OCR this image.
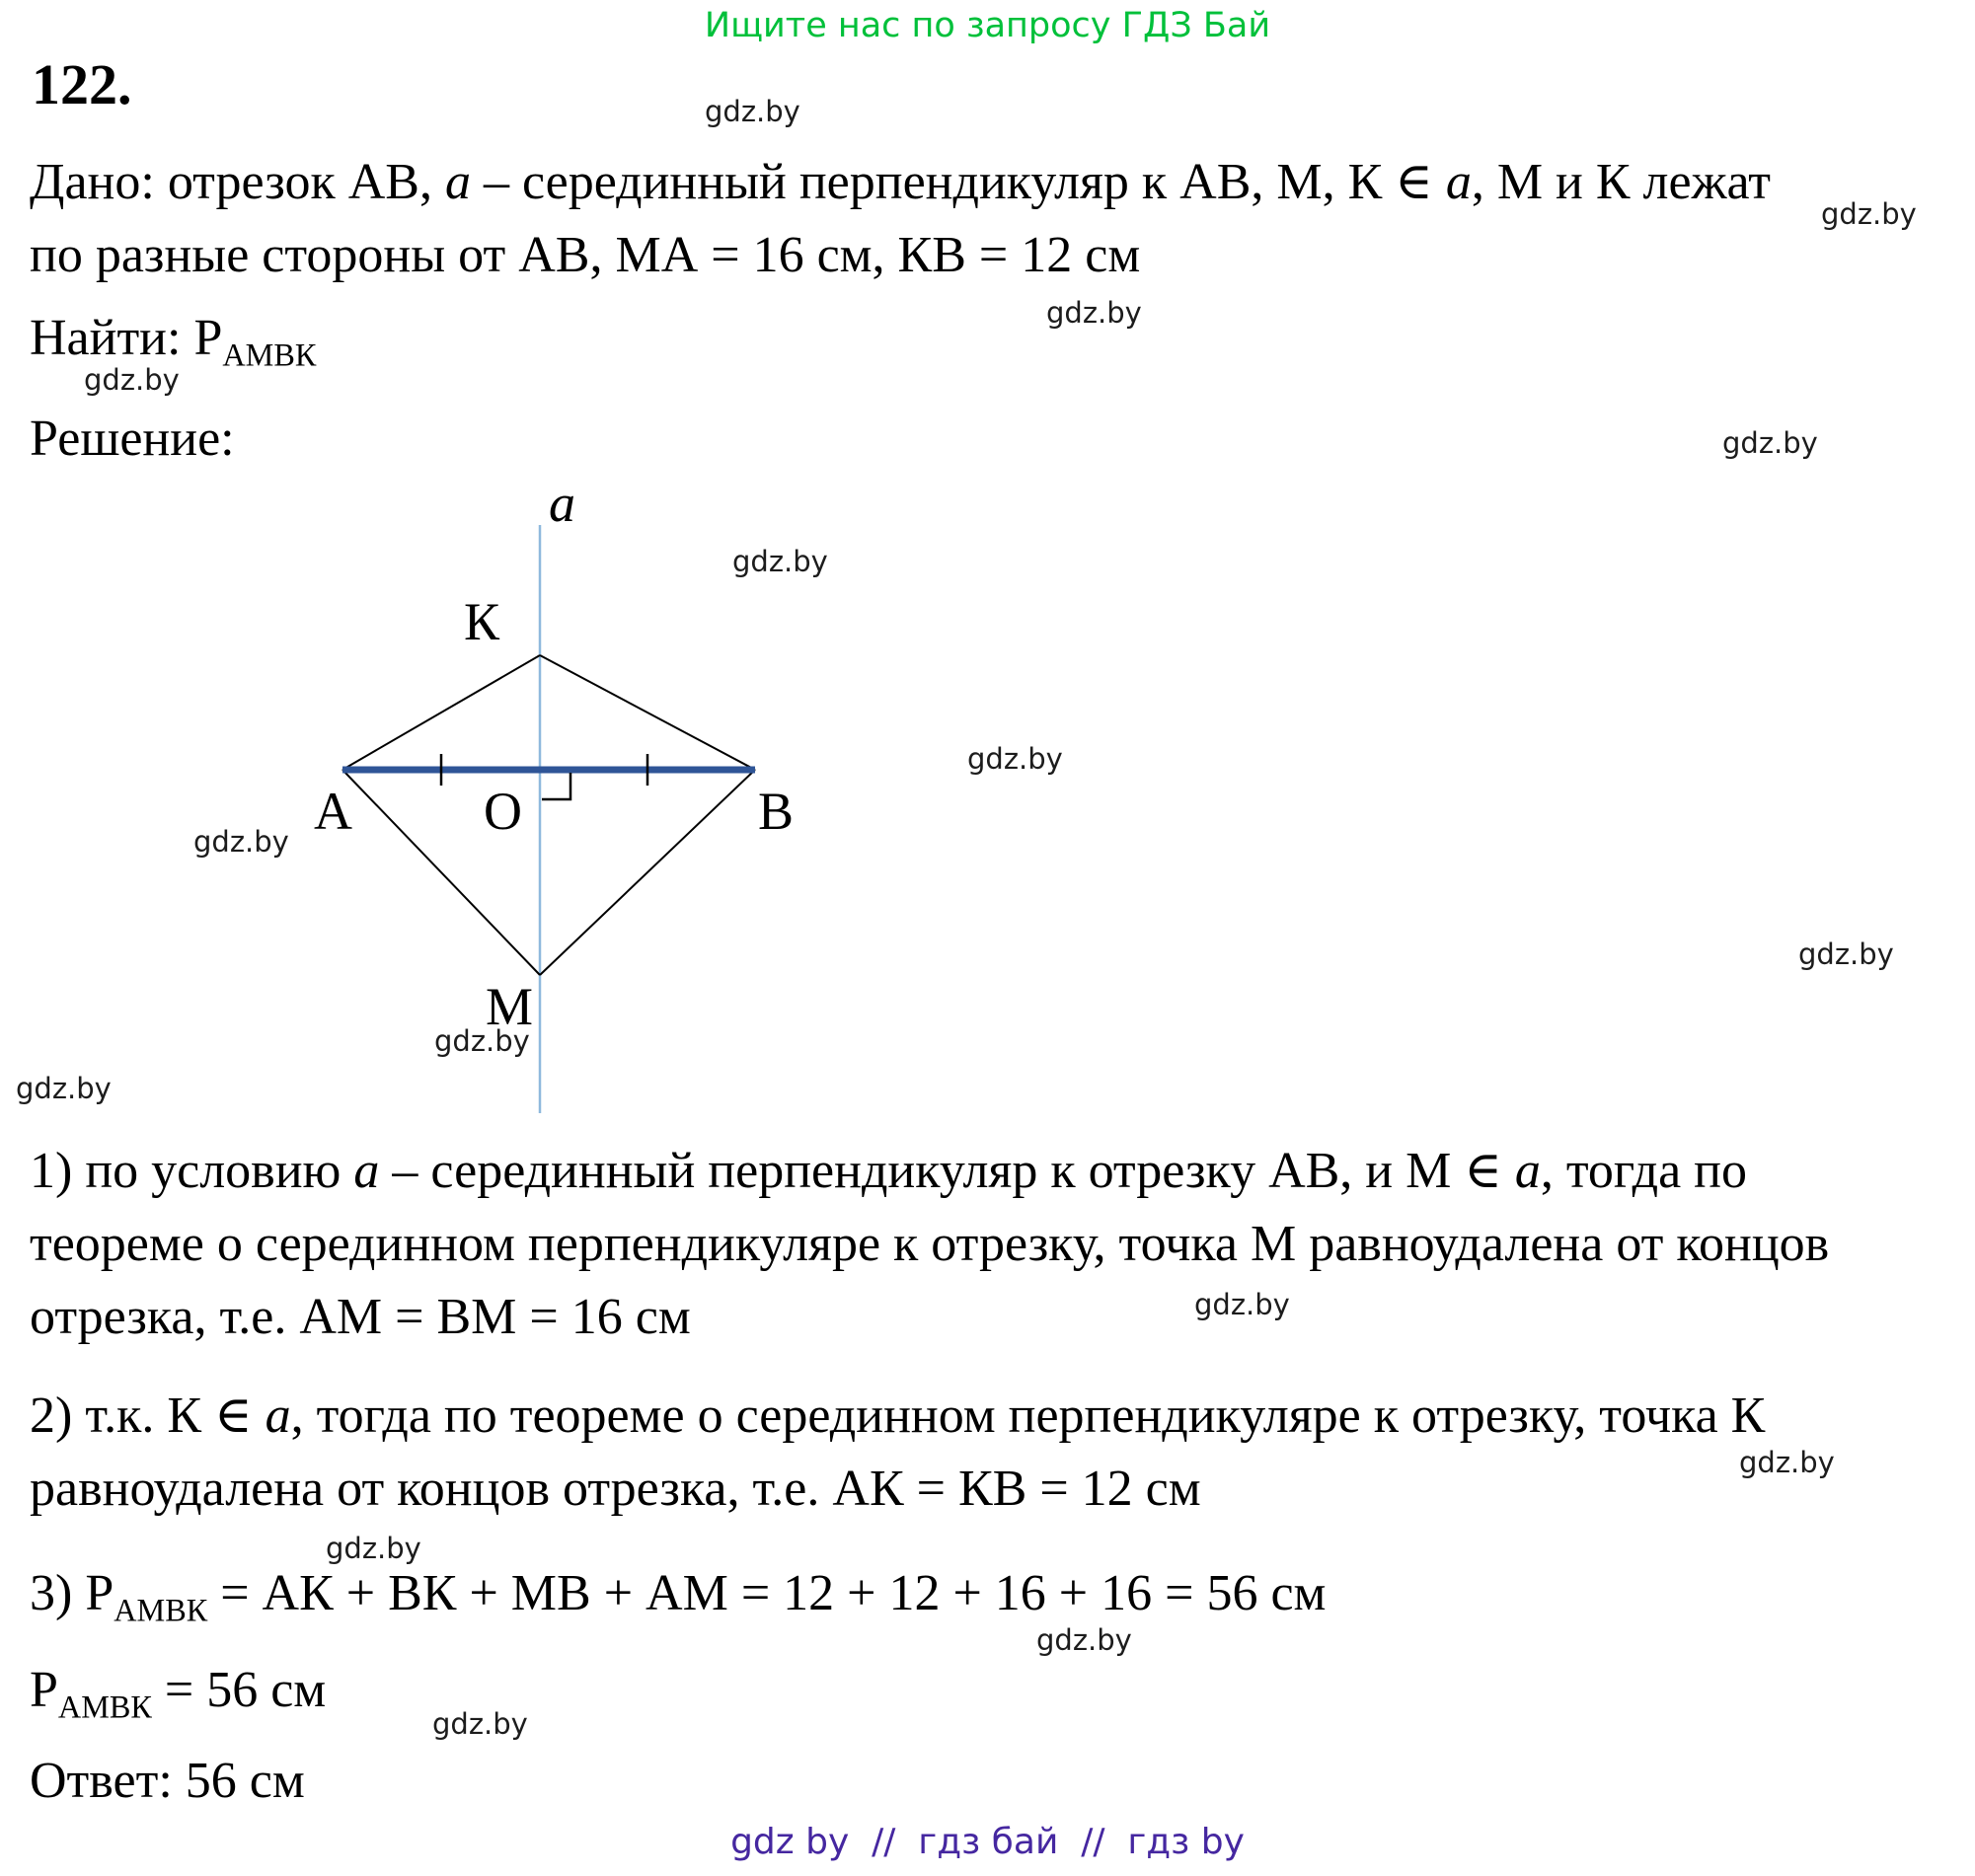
Ищите нас по запросу ГДЗ Бай
122.

Дано: отрезок АВ, a – серединный перпендикуляр к АВ, М, К ∈ a, М и К лежат по разные стороны от АВ, МА = 16 см, КВ = 12 см

Найти: $P_{АМВК}$

Решение:

a
К
А O	В
М
gdz.by
gdz.by
gdz.by
gdz.by
gdz.by
gdz.by
gdz.by
gdz.by
gdz.by
gdz.by
gdz.by
gdz.by
gdz.by
gdz.by
gdz.by
gdz.by

1) по условию a – серединный перпендикуляр к отрезку АВ, и М ∈ a, тогда по теореме о серединном перпендикуляре к отрезку, точка М равноудалена от концов отрезка, т.е. АМ = ВМ = 16 см

2) т.к. К ∈ a, тогда по теореме о серединном перпендикуляре к отрезку, точка К равноудалена от концов отрезка, т.е. АК = КВ = 12 см

3) $P_{АМВК}$ = АК + ВК + МВ + АМ = 12 + 12 + 16 + 16 = 56 см

$P_{АМВК} = 56$ см

Ответ: 56 см

gdz by  //  гдз бай  //  гдз by
